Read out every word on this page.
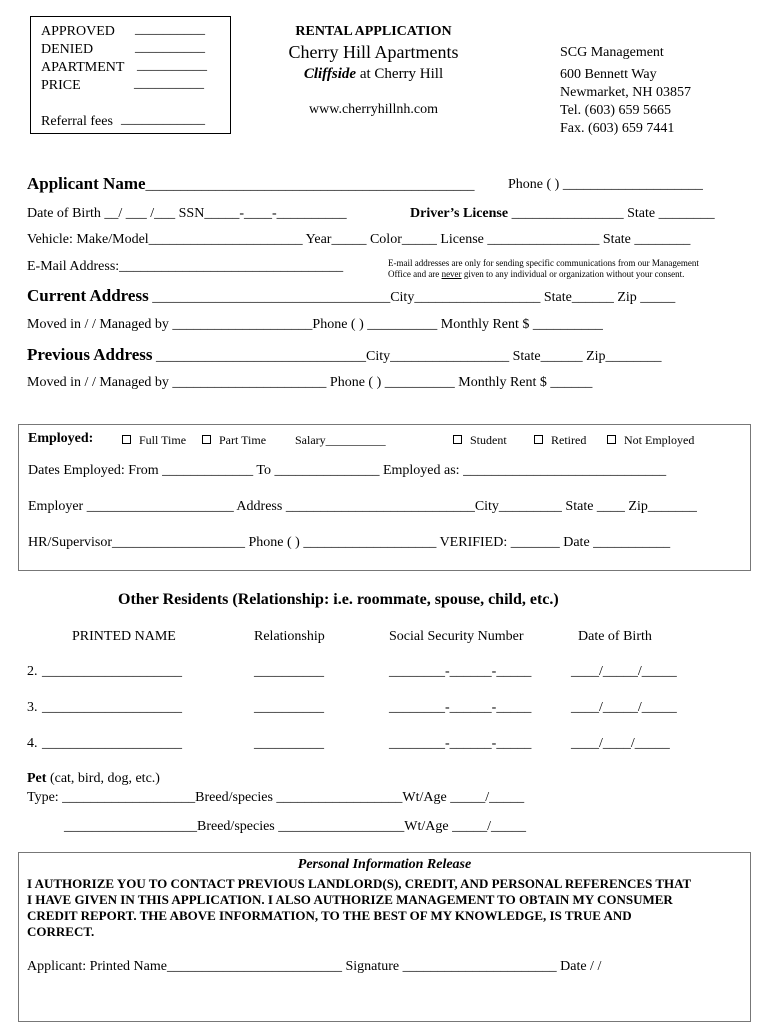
APPROVED __________
DENIED	__________
APARTMENT __________
PRICE	__________
Referral fees ____________
RENTAL APPLICATION
Cherry Hill Apartments
Cliffside at Cherry Hill
www.cherryhillnh.com
SCG Management
600 Bennett Way
Newmarket, NH 03857
Tel. (603) 659 5665
Fax. (603) 659 7441
Applicant Name_______________________________________________ Phone ( ) ____________________
Date of Birth __/ ___ /___ SSN_____-____-__________	Driver’s License ________________ State ________
Vehicle: Make/Model______________________ Year_____ Color_____ License ________________ State ________
E-Mail Address:________________________________	E-mail addresses are only for sending specific communications from our Management
Office and are never given to any individual or organization without your consent.
Current Address __________________________________City__________________ State______ Zip _____
Moved in / / Managed by ____________________Phone ( ) __________ Monthly Rent $ __________
Previous Address ______________________________City_________________ State______ Zip________
Moved in / / Managed by ______________________ Phone ( ) __________ Monthly Rent $ ______
Employed:	Full Time	Part Time Salary__________	Student	Retired	Not Employed
Dates Employed: From _____________ To _______________ Employed as: _____________________________
Employer _____________________ Address ___________________________City_________ State ____ Zip_______
HR/Supervisor___________________ Phone ( ) ___________________ VERIFIED: _______ Date ___________
Other Residents (Relationship: i.e. roommate, spouse, child, etc.)
PRINTED NAME	Relationship	Social Security Number	Date of Birth
2. ____________________	__________	________-______-_____	____/_____/_____
3. ____________________	__________	________-______-_____	____/_____/_____
4. ____________________	__________	________-______-_____	____/____/_____
Pet (cat, bird, dog, etc.)
Type: ___________________Breed/species __________________Wt/Age _____/_____
___________________Breed/species __________________Wt/Age _____/_____
Personal Information Release
I AUTHORIZE YOU TO CONTACT PREVIOUS LANDLORD(S), CREDIT, AND PERSONAL REFERENCES THAT
I HAVE GIVEN IN THIS APPLICATION. I ALSO AUTHORIZE MANAGEMENT TO OBTAIN MY CONSUMER
CREDIT REPORT. THE ABOVE INFORMATION, TO THE BEST OF MY KNOWLEDGE, IS TRUE AND
CORRECT.
Applicant: Printed Name_________________________ Signature ______________________ Date / /
